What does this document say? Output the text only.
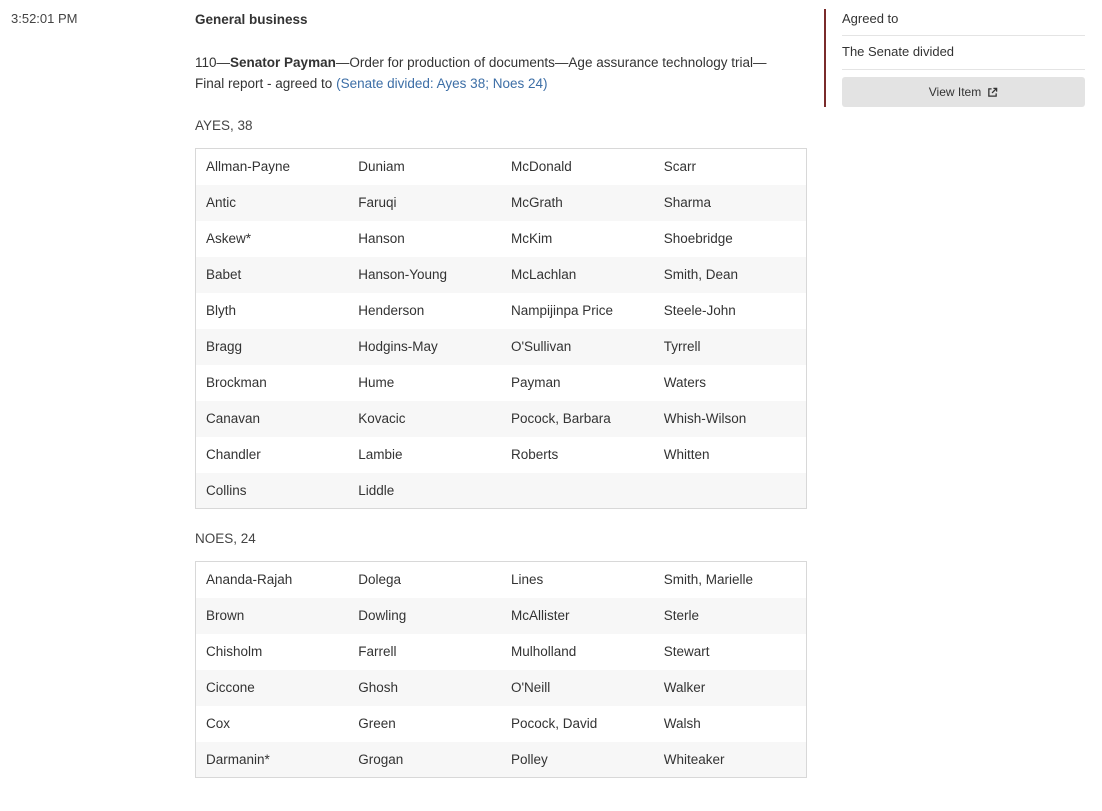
3:52:01 PM	General business
110—Senator Payman—Order for production of documents—Age assurance technology trial—Final report - agreed to (Senate divided: Ayes 38; Noes 24)
AYES, 38
Allman-Payne	Duniam	McDonald	Scarr
Antic	Faruqi	McGrath	Sharma
Askew*	Hanson	McKim	Shoebridge
Babet	Hanson-Young	McLachlan	Smith, Dean
Blyth	Henderson	Nampijinpa Price	Steele-John
Bragg	Hodgins-May	O'Sullivan	Tyrrell
Brockman	Hume	Payman	Waters
Canavan	Kovacic	Pocock, Barbara	Whish-Wilson
Chandler	Lambie	Roberts	Whitten
Collins	Liddle		
NOES, 24
Ananda-Rajah	Dolega	Lines	Smith, Marielle
Brown	Dowling	McAllister	Sterle
Chisholm	Farrell	Mulholland	Stewart
Ciccone	Ghosh	O'Neill	Walker
Cox	Green	Pocock, David	Walsh
Darmanin*	Grogan	Polley	Whiteaker
Agreed to
The Senate divided
View Item
